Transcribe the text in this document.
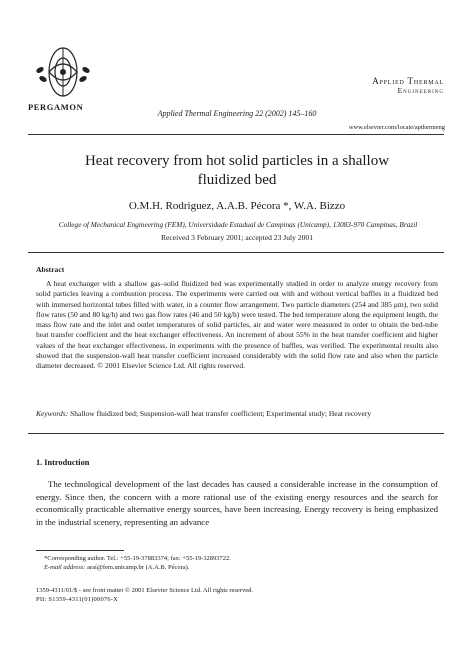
PERGAMON
Applied Thermal
Engineering
Applied Thermal Engineering 22 (2002) 145–160
www.elsevier.com/locate/apthermeng
Heat recovery from hot solid particles in a shallow
fluidized bed
O.M.H. Rodriguez, A.A.B. Pécora *, W.A. Bizzo
College of Mechanical Engineering (FEM), Universidade Estadual de Campinas (Unicamp), 13083-970 Campinas, Brazil
Received 3 February 2001; accepted 23 July 2001
Abstract
A heat exchanger with a shallow gas–solid fluidized bed was experimentally studied in order to analyze energy recovery from solid particles leaving a combustion process. The experiments were carried out with and without vertical baffles in a fluidized bed with immersed horizontal tubes filled with water, in a counter flow arrangement. Two particle diameters (254 and 385 μm), two solid flow rates (50 and 80 kg/h) and two gas flow rates (46 and 50 kg/h) were tested. The bed temperature along the equipment length, the mass flow rate and the inlet and outlet temperatures of solid particles, air and water were measured in order to obtain the bed-tube heat transfer coefficient and the heat exchanger effectiveness. An increment of about 55% in the heat transfer coefficient and higher values of the heat exchanger effectiveness, in experiments with the presence of baffles, was verified. The experimental results also showed that the suspension-wall heat transfer coefficient increased considerably with the solid flow rate and also when the particle diameter decreased. © 2001 Elsevier Science Ltd. All rights reserved.
Keywords: Shallow fluidized bed; Suspension-wall heat transfer coefficient; Experimental study; Heat recovery
1. Introduction
The technological development of the last decades has caused a considerable increase in the consumption of energy. Since then, the concern with a more rational use of the existing energy resources and the search for economically practicable alternative energy sources, have been increasing. Energy recovery is being emphasized in the industrial scenery, representing an advance
*Corresponding author. Tel.: +55-19-37883374; fax: +55-19-32893722.
E-mail address: araí@fem.unicamp.br (A.A.B. Pécora).
1359-4311/01/$ - see front matter © 2001 Elsevier Science Ltd. All rights reserved.
PII: S1359-4311(01)00076-X
